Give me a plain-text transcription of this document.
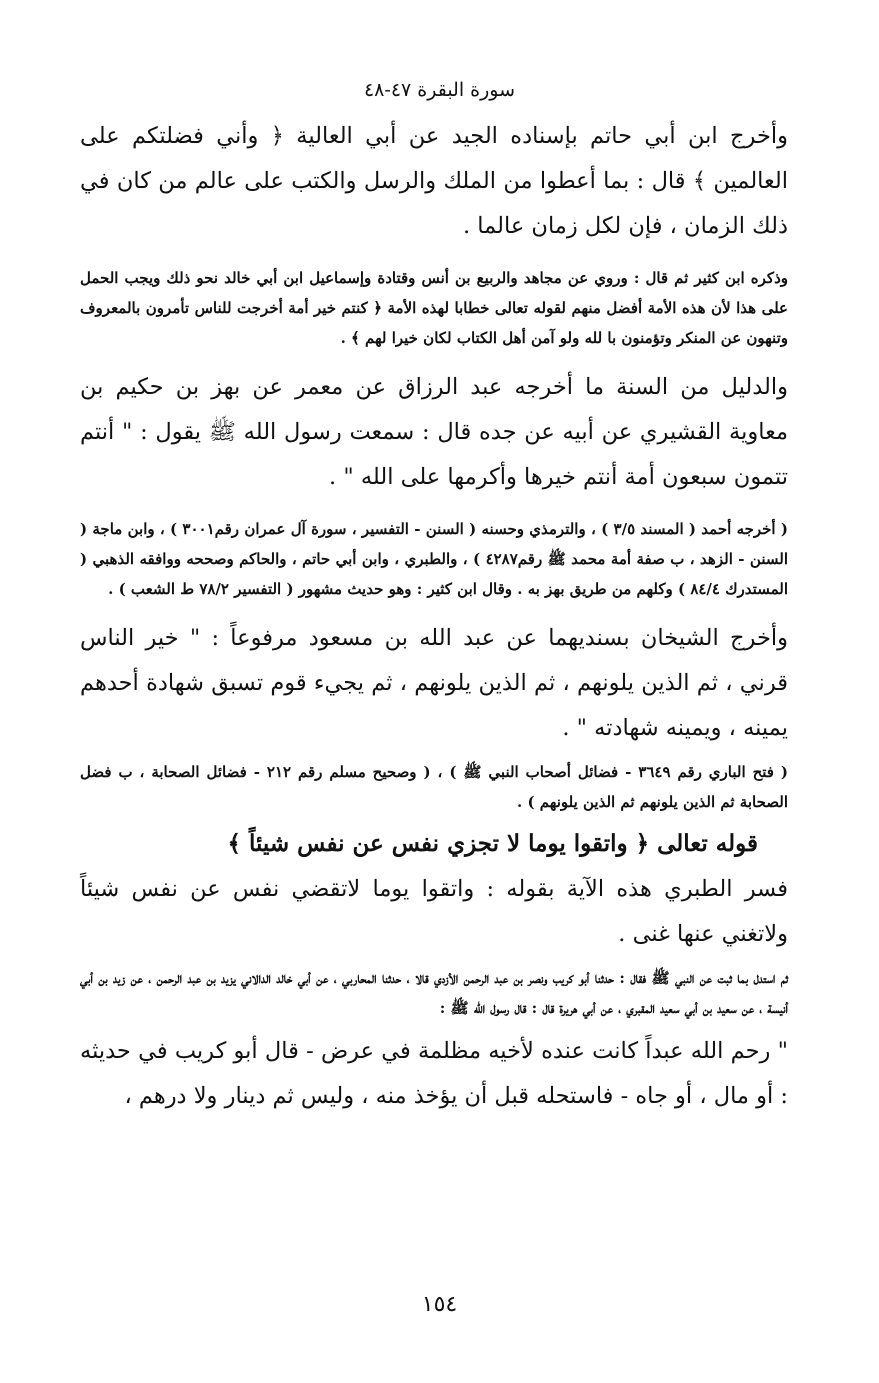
سورة البقرة ٤٧-٤٨

وأخرج ابن أبي حاتم بإسناده الجيد عن أبي العالية ﴿ وأني فضلتكم على العالمين ﴾ قال : بما أعطوا من الملك والرسل والكتب على عالم من كان في ذلك الزمان ، فإن لكل زمان عالما .

وذكره ابن كثير ثم قال : وروي عن مجاهد والربيع بن أنس وقتادة وإسماعيل ابن أبي خالد نحو ذلك ويجب الحمل على هذا لأن هذه الأمة أفضل منهم لقوله تعالى خطابا لهذه الأمة ﴿ كنتم خير أمة أخرجت للناس تأمرون بالمعروف وتنهون عن المنكر وتؤمنون با لله ولو آمن أهل الكتاب لكان خيرا لهم ﴾ .

والدليل من السنة ما أخرجه عبد الرزاق عن معمر عن بهز بن حكيم بن معاوية القشيري عن أبيه عن جده قال : سمعت رسول الله ﷺ يقول : " أنتم تتمون سبعون أمة أنتم خيرها وأكرمها على الله " .

( أخرجه أحمد ( المسند ٣/٥ ) ، والترمذي وحسنه ( السنن - التفسير ، سورة آل عمران رقم٣٠٠١ ) ، وابن ماجة ( السنن - الزهد ، ب صفة أمة محمد ﷺ رقم٤٢٨٧ ) ، والطبري ، وابن أبي حاتم ، والحاكم وصححه ووافقه الذهبي ( المستدرك ٨٤/٤ ) وكلهم من طريق بهز به . وقال ابن كثير : وهو حديث مشهور ( التفسير ٧٨/٢ ط الشعب ) .

وأخرج الشيخان بسنديهما عن عبد الله بن مسعود مرفوعاً : " خير الناس قرني ، ثم الذين يلونهم ، ثم الذين يلونهم ، ثم يجيء قوم تسبق شهادة أحدهم يمينه ، ويمينه شهادته " .

( فتح الباري رقم ٣٦٤٩ - فضائل أصحاب النبي ﷺ ) ، ( وصحيح مسلم رقم ٢١٢ - فضائل الصحابة ، ب فضل الصحابة ثم الذين يلونهم ثم الذين يلونهم ) .

قوله تعالى ﴿ واتقوا يوما لا تجزي نفس عن نفس شيئاً ﴾

فسر الطبري هذه الآية بقوله : واتقوا يوما لاتقضي نفس عن نفس شيئاً ولاتغني عنها غنى .

ثم استدل بما ثبت عن النبي ﷺ فقال : حدثنا أبو كريب ونصر بن عبد الرحمن الأزدي قالا ، حدثنا المحاربي ، عن أبي خالد الدالاني يزيد بن عبد الرحمن ، عن زيد بن أبي أنيسة ، عن سعيد بن أبي سعيد المقبري ، عن أبي هريرة قال : قال رسول الله ﷺ :

" رحم الله عبداً كانت عنده لأخيه مظلمة في عرض - قال أبو كريب في حديثه : أو مال ، أو جاه - فاستحله قبل أن يؤخذ منه ، وليس ثم دينار ولا درهم ،

١٥٤
